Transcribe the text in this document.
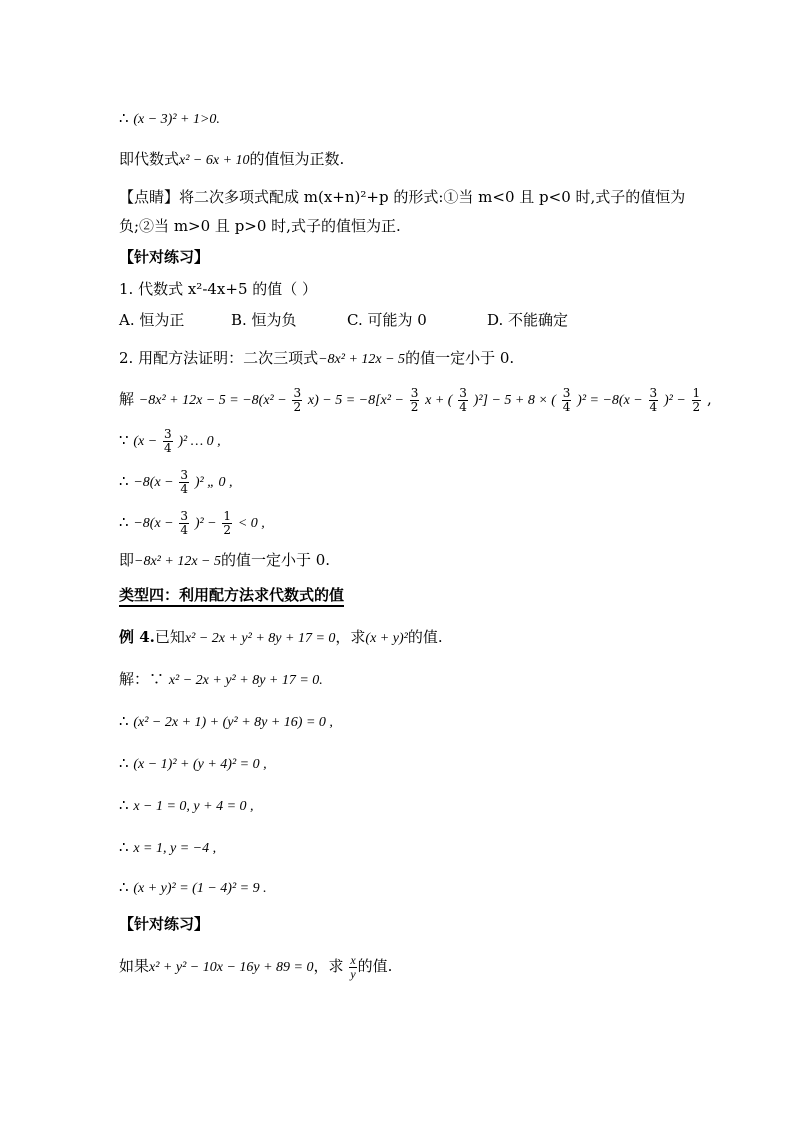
∴ (x − 3)² + 1>0.
即代数式x² − 6x + 10的值恒为正数.
【点睛】将二次多项式配成 m(x+n)²+p 的形式:①当 m<0 且 p<0 时,式子的值恒为
负;②当 m>0 且 p>0 时,式子的值恒为正.
【针对练习】
1. 代数式 x²-4x+5 的值（ ）
A. 恒为正	B. 恒为负	C. 可能为 0	D. 不能确定
2. 用配方法证明：二次三项式−8x² + 12x − 5的值一定小于 0.
解 $-8x^2 + 12x - 5 = -8(x^2 - \frac{3}{2} x) - 5 = -8[x^2 - \frac{3}{2}$ x + ( $\frac{3}{4} )^2] - 5 + 8$ × ( $\frac{3}{4} )^2 = -8(x - \frac{3}{4} )^2 - \frac{1}{2}$ ,
∵ $(x - \frac{3}{4} )^2$ … 0 ,
∴ $-8(x - \frac{3}{4} )^2$ „ 0 ,
∴ $-8(x - \frac{3}{4} )^2 - \frac{1}{2} < 0$ ,
即−8x² + 12x − 5的值一定小于 0.
类型四：利用配方法求代数式的值
例 4.已知x² − 2x + y² + 8y + 17 = 0，求(x + y)²的值.
解：∵ x² − 2x + y² + 8y + 17 = 0.
∴ (x² − 2x + 1) + (y² + 8y + 16) = 0 ,
∴ (x − 1)² + (y + 4)² = 0 ,
∴ x − 1 = 0, y + 4 = 0 ,
∴ x = 1, y = −4 ,
∴ (x + y)² = (1 − 4)² = 9 .
【针对练习】
如果x² + y² − 10x − 16y + 89 = 0，求 $\frac{x}{y}$ 的值.
